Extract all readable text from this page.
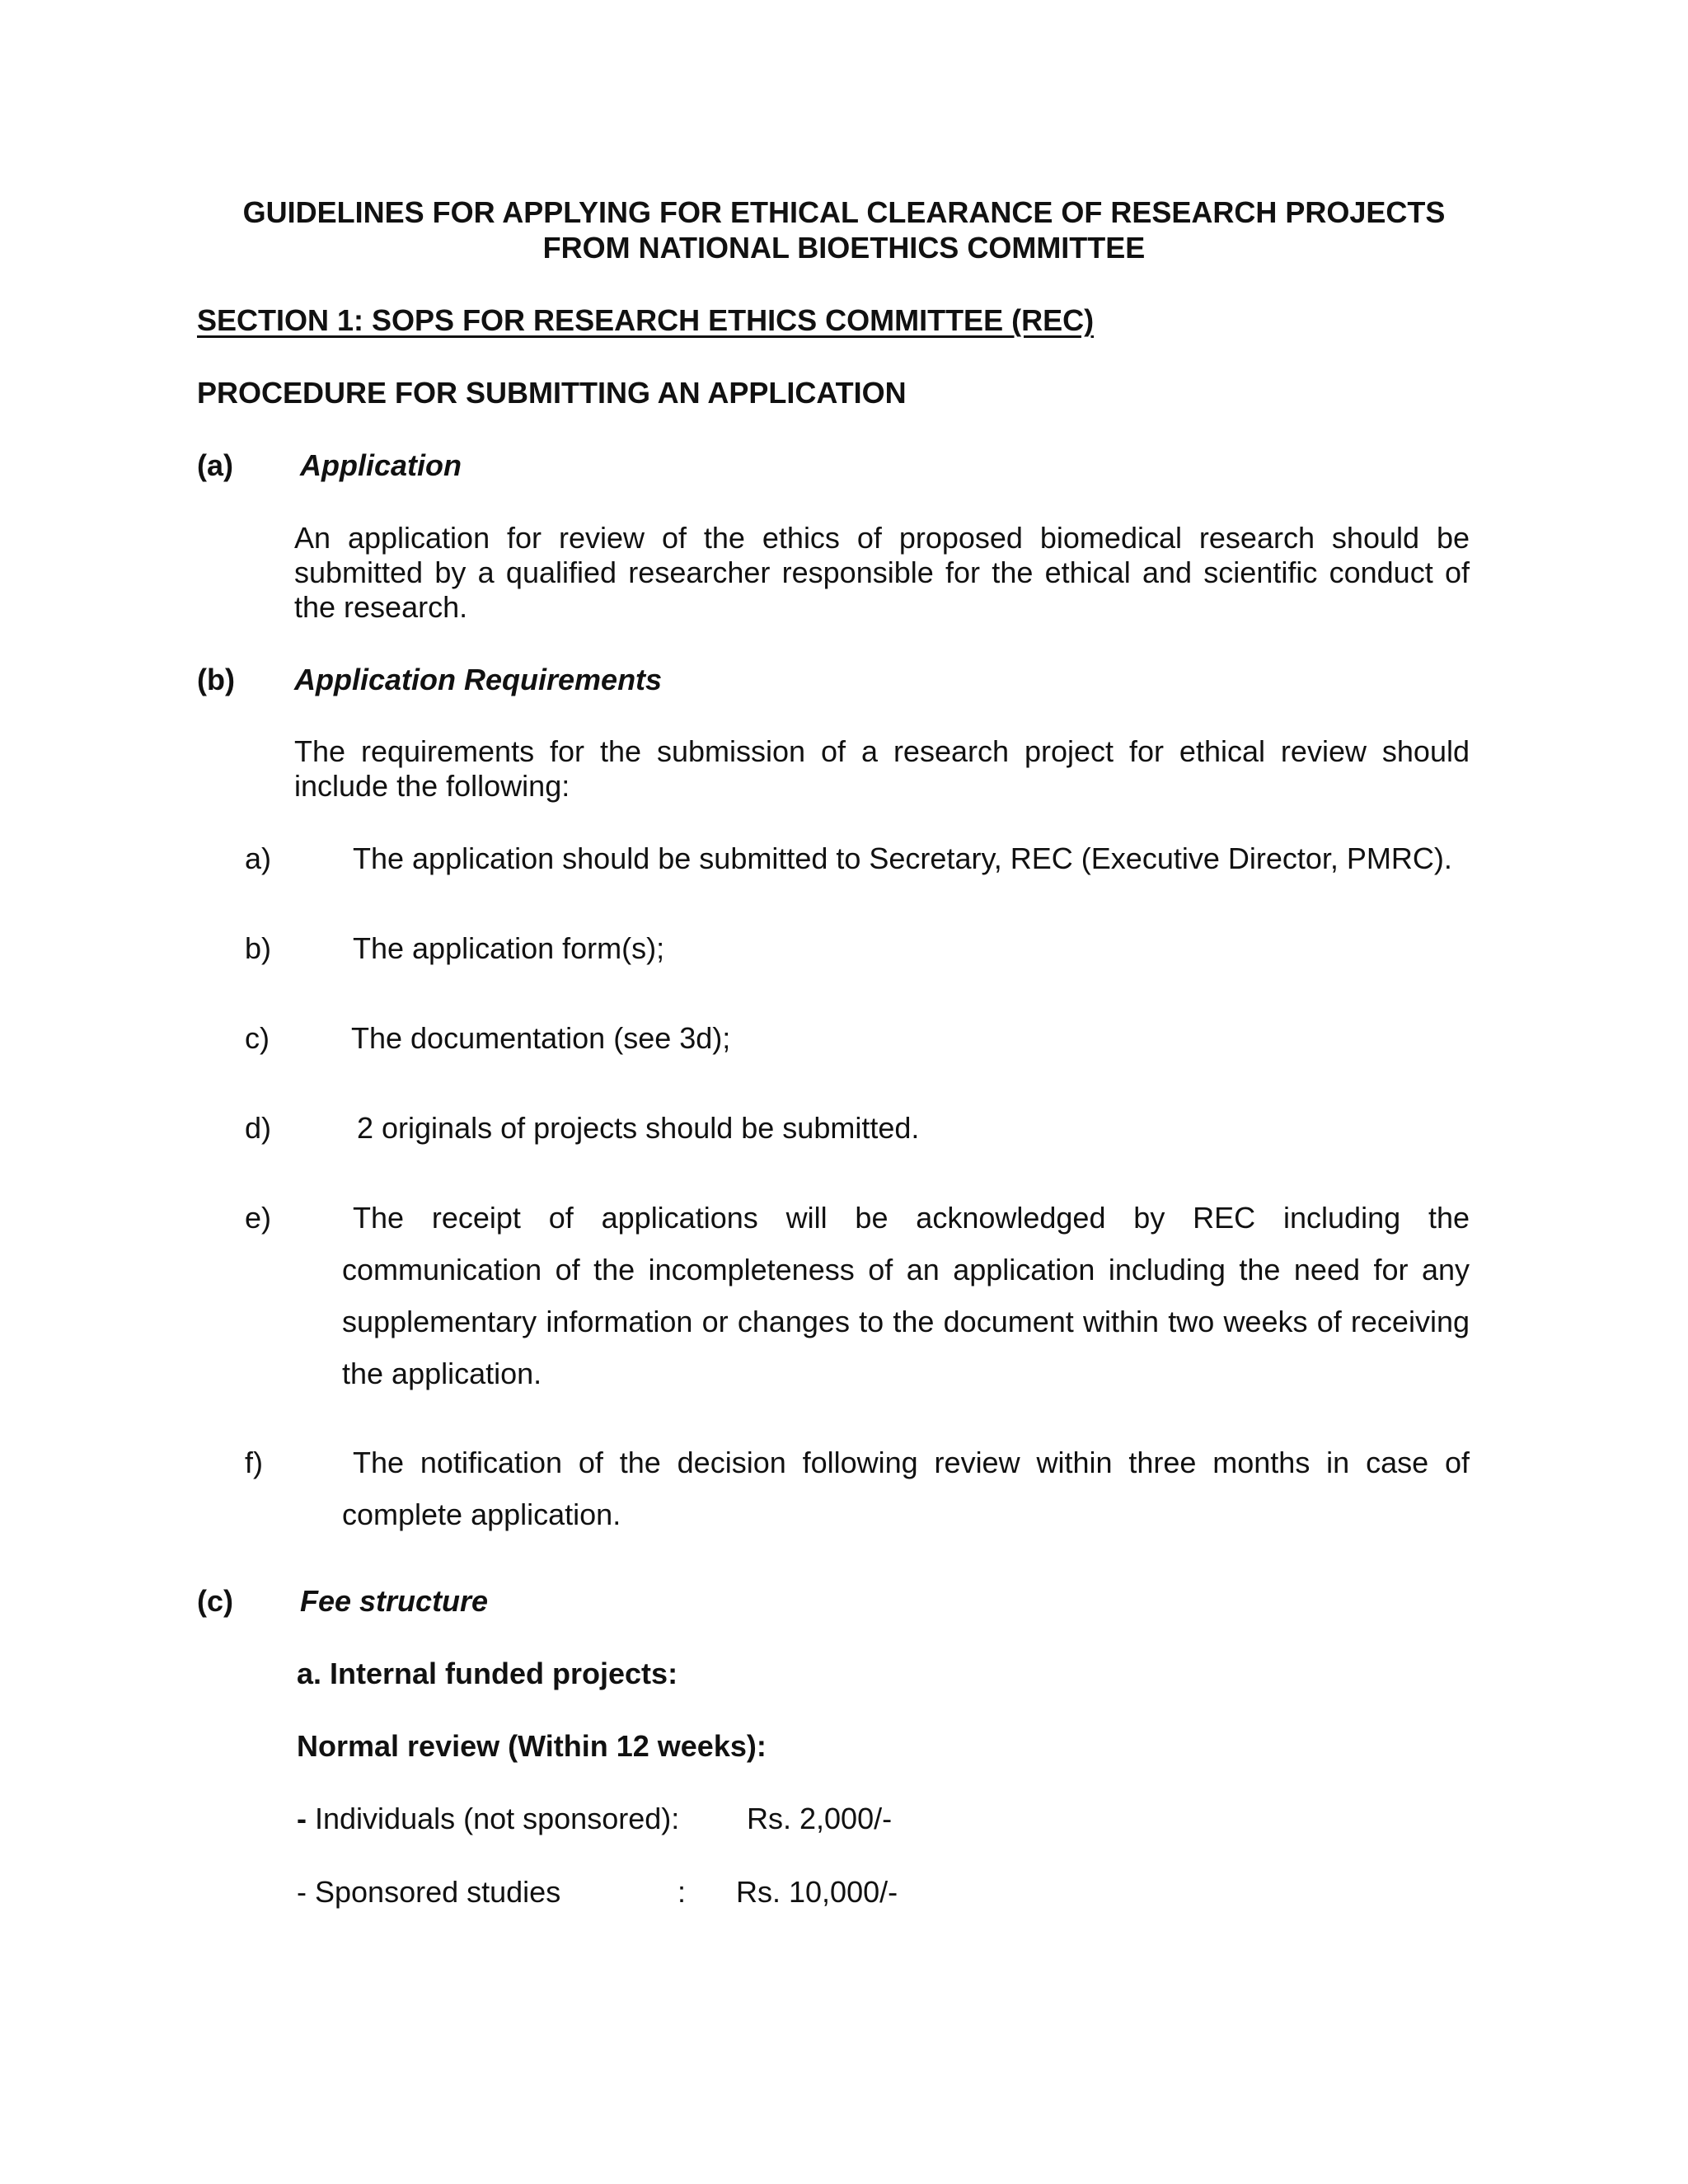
GUIDELINES FOR APPLYING FOR ETHICAL CLEARANCE OF RESEARCH PROJECTS
FROM NATIONAL BIOETHICS COMMITTEE
SECTION 1: SOPS FOR RESEARCH ETHICS COMMITTEE (REC)
PROCEDURE FOR SUBMITTING AN APPLICATION
(a) Application
An application for review of the ethics of proposed biomedical research should be submitted by a qualified researcher responsible for the ethical and scientific conduct of the research.
(b) Application Requirements
The requirements for the submission of a research project for ethical review should include the following:
a)	The application should be submitted to Secretary, REC (Executive Director, PMRC).
b)	The application form(s);
c)	The documentation (see 3d);
d)	2 originals of projects should be submitted.
e)	The receipt of applications will be acknowledged by REC including the
communication of the incompleteness of an application including the need for any supplementary information or changes to the document within two weeks of receiving the application.
f)	The notification of the decision following review within three months in case of
complete application.
(c) Fee structure
a. Internal funded projects:
Normal review (Within 12 weeks):
- Individuals (not sponsored): Rs. 2,000/-
- Sponsored studies	: Rs. 10,000/-
